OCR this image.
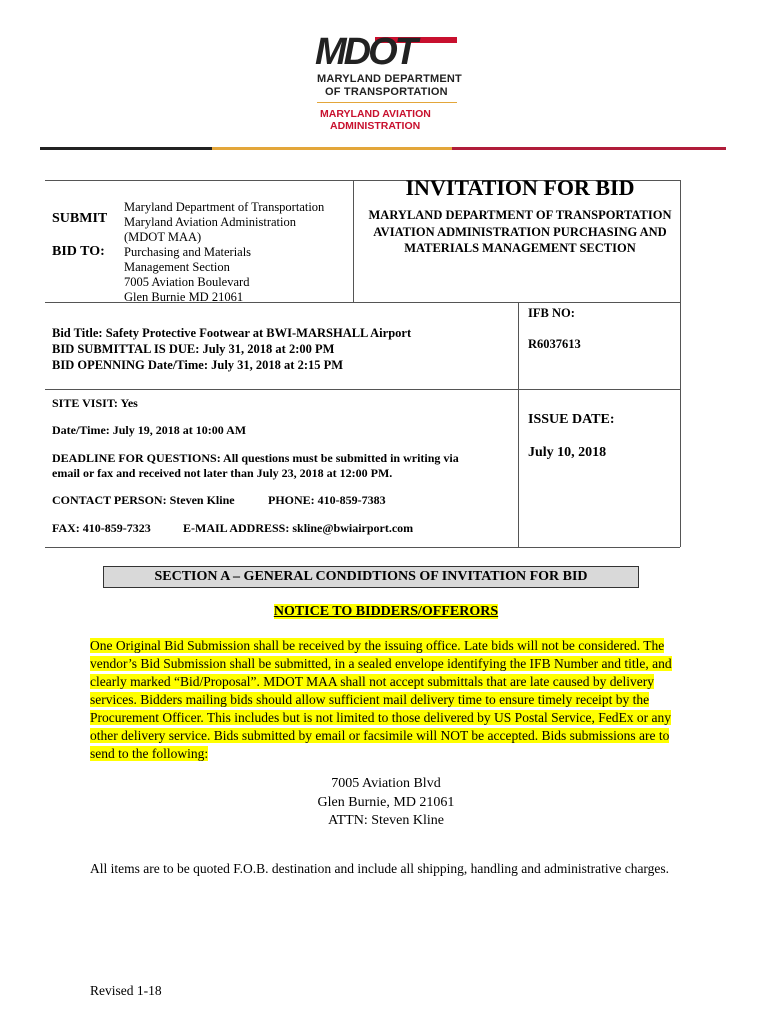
MDOT
MARYLAND DEPARTMENT
OF TRANSPORTATION
MARYLAND AVIATION
ADMINISTRATION
SUBMIT
BID TO:
Maryland Department of Transportation
Maryland Aviation Administration
(MDOT MAA)
Purchasing and Materials
Management Section
7005 Aviation Boulevard
Glen Burnie MD 21061
INVITATION FOR BID
MARYLAND DEPARTMENT OF TRANSPORTATION AVIATION ADMINISTRATION PURCHASING AND MATERIALS MANAGEMENT SECTION
IFB NO:
R6037613
Bid Title: Safety Protective Footwear at BWI-MARSHALL Airport
BID SUBMITTAL IS DUE: July 31, 2018 at 2:00 PM
BID OPENNING Date/Time: July 31, 2018 at 2:15 PM
SITE VISIT: Yes
Date/Time: July 19, 2018 at 10:00 AM
DEADLINE FOR QUESTIONS: All questions must be submitted in writing via
email or fax and received not later than July 23, 2018 at 12:00 PM.
CONTACT PERSON: Steven Kline	PHONE: 410-859-7383
FAX: 410-859-7323	E-MAIL ADDRESS: skline@bwiairport.com
ISSUE DATE:
July 10, 2018
SECTION A – GENERAL CONDIDTIONS OF INVITATION FOR BID
NOTICE TO BIDDERS/OFFERORS
One Original Bid Submission shall be received by the issuing office. Late bids will not be considered. The vendor’s Bid Submission shall be submitted, in a sealed envelope identifying the IFB Number and title, and clearly marked “Bid/Proposal”. MDOT MAA shall not accept submittals that are late caused by delivery services. Bidders mailing bids should allow sufficient mail delivery time to ensure timely receipt by the Procurement Officer. This includes but is not limited to those delivered by US Postal Service, FedEx or any other delivery service. Bids submitted by email or facsimile will NOT be accepted. Bids submissions are to send to the following:
7005 Aviation Blvd
Glen Burnie, MD 21061
ATTN: Steven Kline
All items are to be quoted F.O.B. destination and include all shipping, handling and administrative charges.
Revised 1-18
